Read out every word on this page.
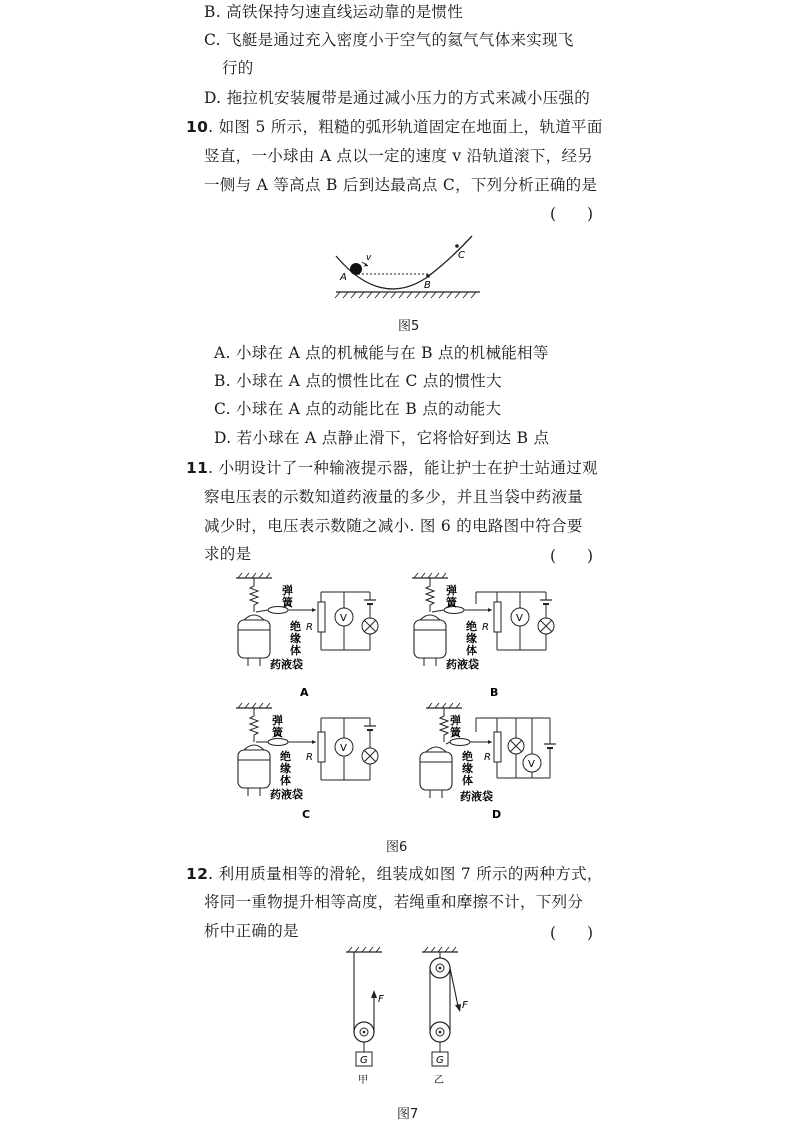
B. 高铁保持匀速直线运动靠的是惯性
C. 飞艇是通过充入密度小于空气的氦气气体来实现飞
行的
D. 拖拉机安装履带是通过减小压力的方式来减小压强的
10. 如图 5 所示，粗糙的弧形轨道固定在地面上，轨道平面
竖直，一小球由 A 点以一定的速度 v 沿轨道滚下，经另
一侧与 A 等高点 B 后到达最高点 C，下列分析正确的是
(　　)
v
A
B
C
图5
A. 小球在 A 点的机械能与在 B 点的机械能相等
B. 小球在 A 点的惯性比在 C 点的惯性大
C. 小球在 A 点的动能比在 B 点的动能大
D. 若小球在 A 点静止滑下，它将恰好到达 B 点
11. 小明设计了一种输液提示器，能让护士在护士站通过观
察电压表的示数知道药液量的多少，并且当袋中药液量
减少时，电压表示数随之减小. 图 6 的电路图中符合要
求的是	(　　)
V
R
弹
簧
绝
缘
体
药液袋
A
V
R
弹
簧
绝
缘
体
药液袋
B
V
R
弹
簧
绝
缘
体
药液袋
C
V
R
弹
簧
绝
缘
体
药液袋
D
图6
12. 利用质量相等的滑轮，组装成如图 7 所示的两种方式，
将同一重物提升相等高度，若绳重和摩擦不计，下列分
析中正确的是	(　　)
F
G
甲
F
G
乙
图7
